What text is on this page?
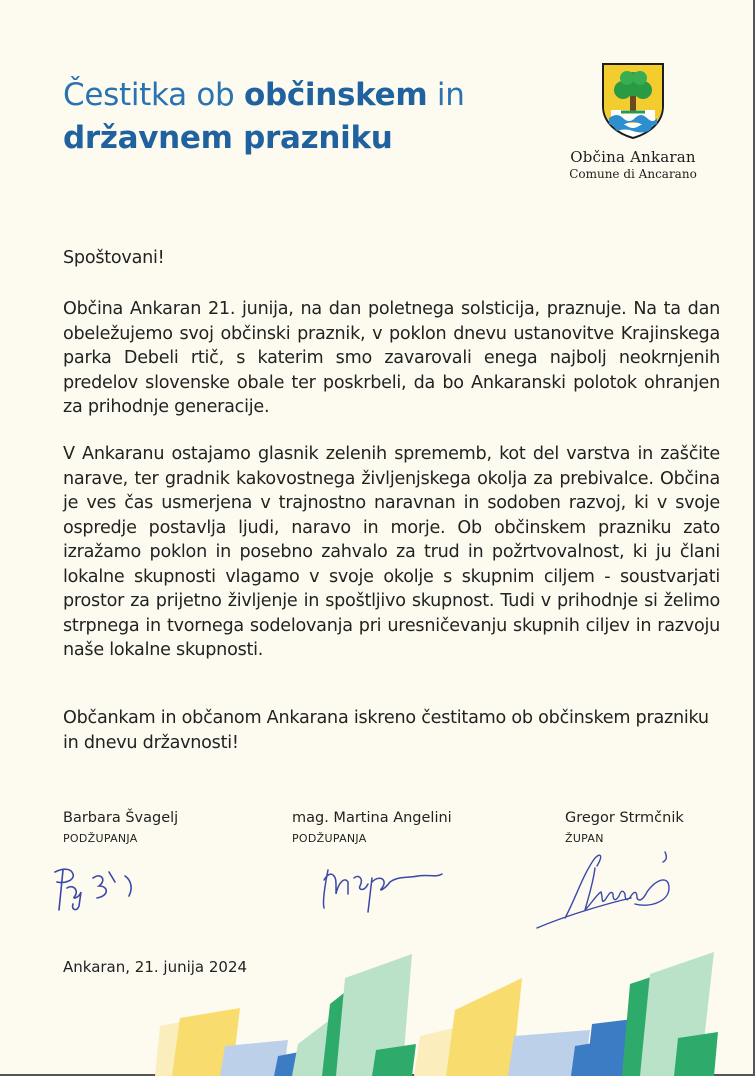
Čestitka ob občinskem in
državnem prazniku
Občina Ankaran
Comune di Ancarano

Spoštovani!

Občina Ankaran 21. junija, na dan poletnega solsticija, praznuje. Na ta dan obeležujemo svoj občinski praznik, v poklon dnevu ustanovitve Krajinskega parka Debeli rtič, s katerim smo zavarovali enega najbolj neokrnjenih predelov slovenske obale ter poskrbeli, da bo Ankaranski polotok ohranjen za prihodnje generacije.

V Ankaranu ostajamo glasnik zelenih sprememb, kot del varstva in zaščite narave, ter gradnik kakovostnega življenjskega okolja za prebivalce. Občina je ves čas usmerjena v trajnostno naravnan in sodoben razvoj, ki v svoje ospredje postavlja ljudi, naravo in morje. Ob občinskem prazniku zato izražamo poklon in posebno zahvalo za trud in požrtvovalnost, ki ju člani lokalne skupnosti vlagamo v svoje okolje s skupnim ciljem - soustvarjati prostor za prijetno življenje in spoštljivo skupnost. Tudi v prihodnje si želimo strpnega in tvornega sodelovanja pri uresničevanju skupnih ciljev in razvoju naše lokalne skupnosti.

Občankam in občanom Ankarana iskreno čestitamo ob občinskem prazniku in dnevu državnosti!

Barbara Švagelj
PODŽUPANJA
mag. Martina Angelini
PODŽUPANJA
Gregor Strmčnik
ŽUPAN
Ankaran, 21. junija 2024
